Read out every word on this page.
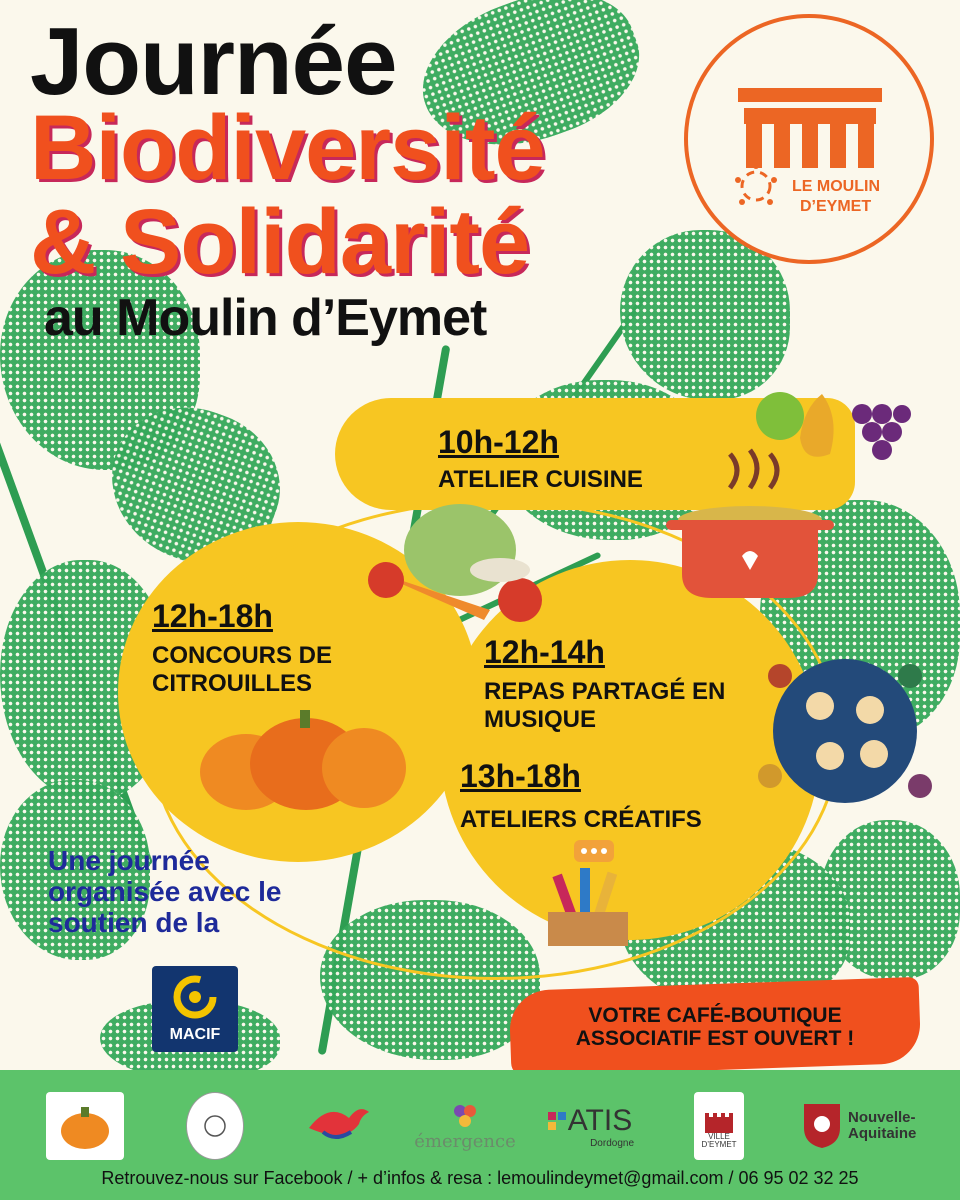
Journée
Biodiversité
& Solidarité
au Moulin d’Eymet
LE MOULIN
D’EYMET
10h-12h
ATELIER CUISINE
12h-18h
CONCOURS DE CITROUILLES
12h-14h
REPAS PARTAGÉ EN MUSIQUE
13h-18h
ATELIERS CRÉATIFS
Une journée organisée avec le soutien de la
MACIF
VOTRE CAFÉ-BOUTIQUE
ASSOCIATIF EST OUVERT !
émergence
ATIS
Dordogne
VILLE D’EYMET
Nouvelle-Aquitaine
Retrouvez-nous sur Facebook / + d’infos & resa : lemoulindeymet@gmail.com / 06 95 02 32 25
